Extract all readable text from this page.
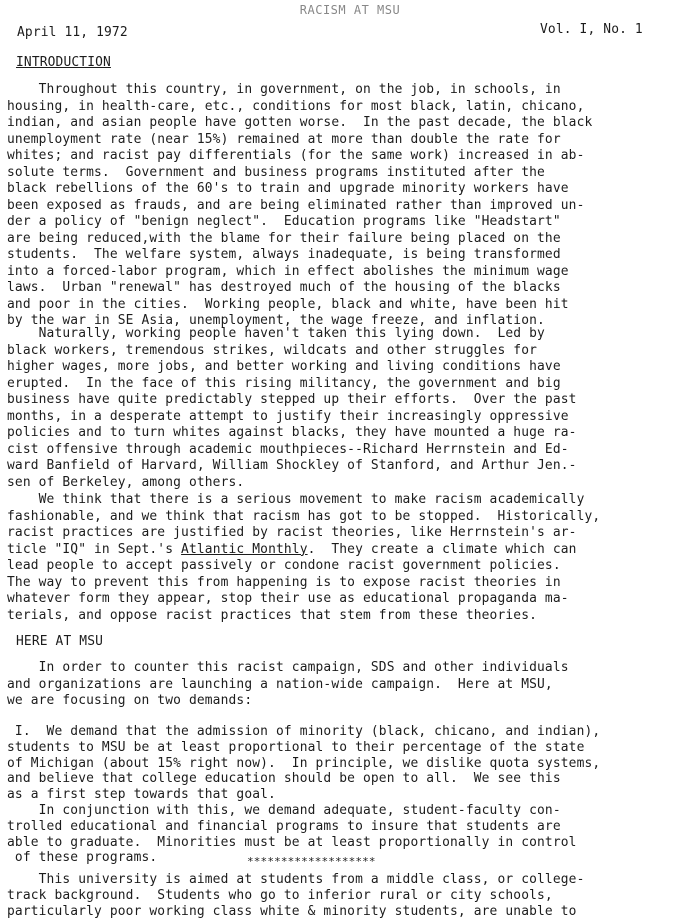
RACISM AT MSU
April 11, 1972	Vol. I, No. 1
INTRODUCTION
Throughout this country, in government, on the job, in schools, in
housing, in health-care, etc., conditions for most black, latin, chicano,
indian, and asian people have gotten worse.  In the past decade, the black
unemployment rate (near 15%) remained at more than double the rate for
whites; and racist pay differentials (for the same work) increased in ab-
solute terms.  Government and business programs instituted after the
black rebellions of the 60's to train and upgrade minority workers have
been exposed as frauds, and are being eliminated rather than improved un-
der a policy of "benign neglect".  Education programs like "Headstart"
are being reduced,with the blame for their failure being placed on the
students.  The welfare system, always inadequate, is being transformed
into a forced-labor program, which in effect abolishes the minimum wage
laws.  Urban "renewal" has destroyed much of the housing of the blacks
and poor in the cities.  Working people, black and white, have been hit
by the war in SE Asia, unemployment, the wage freeze, and inflation.
Naturally, working people haven't taken this lying down.  Led by
black workers, tremendous strikes, wildcats and other struggles for
higher wages, more jobs, and better working and living conditions have
erupted.  In the face of this rising militancy, the government and big
business have quite predictably stepped up their efforts.  Over the past
months, in a desperate attempt to justify their increasingly oppressive
policies and to turn whites against blacks, they have mounted a huge ra-
cist offensive through academic mouthpieces--Richard Herrnstein and Ed-
ward Banfield of Harvard, William Shockley of Stanford, and Arthur Jen.-
sen of Berkeley, among others.
We think that there is a serious movement to make racism academically
fashionable, and we think that racism has got to be stopped.  Historically,
racist practices are justified by racist theories, like Herrnstein's ar-
ticle "IQ" in Sept.'s Atlantic Monthly.  They create a climate which can
lead people to accept passively or condone racist government policies.
The way to prevent this from happening is to expose racist theories in
whatever form they appear, stop their use as educational propaganda ma-
terials, and oppose racist practices that stem from these theories.
HERE AT MSU
In order to counter this racist campaign, SDS and other individuals
and organizations are launching a nation-wide campaign.  Here at MSU,
we are focusing on two demands:
I.  We demand that the admission of minority (black, chicano, and indian),
students to MSU be at least proportional to their percentage of the state
of Michigan (about 15% right now).  In principle, we dislike quota systems,
and believe that college education should be open to all.  We see this
as a first step towards that goal.
In conjunction with this, we demand adequate, student-faculty con-
trolled educational and financial programs to insure that students are
able to graduate.  Minorities must be at least proportionally in control
of these programs.	*******************
This university is aimed at students from a middle class, or college-
track background.  Students who go to inferior rural or city schools,
particularly poor working class white & minority students, are unable to
